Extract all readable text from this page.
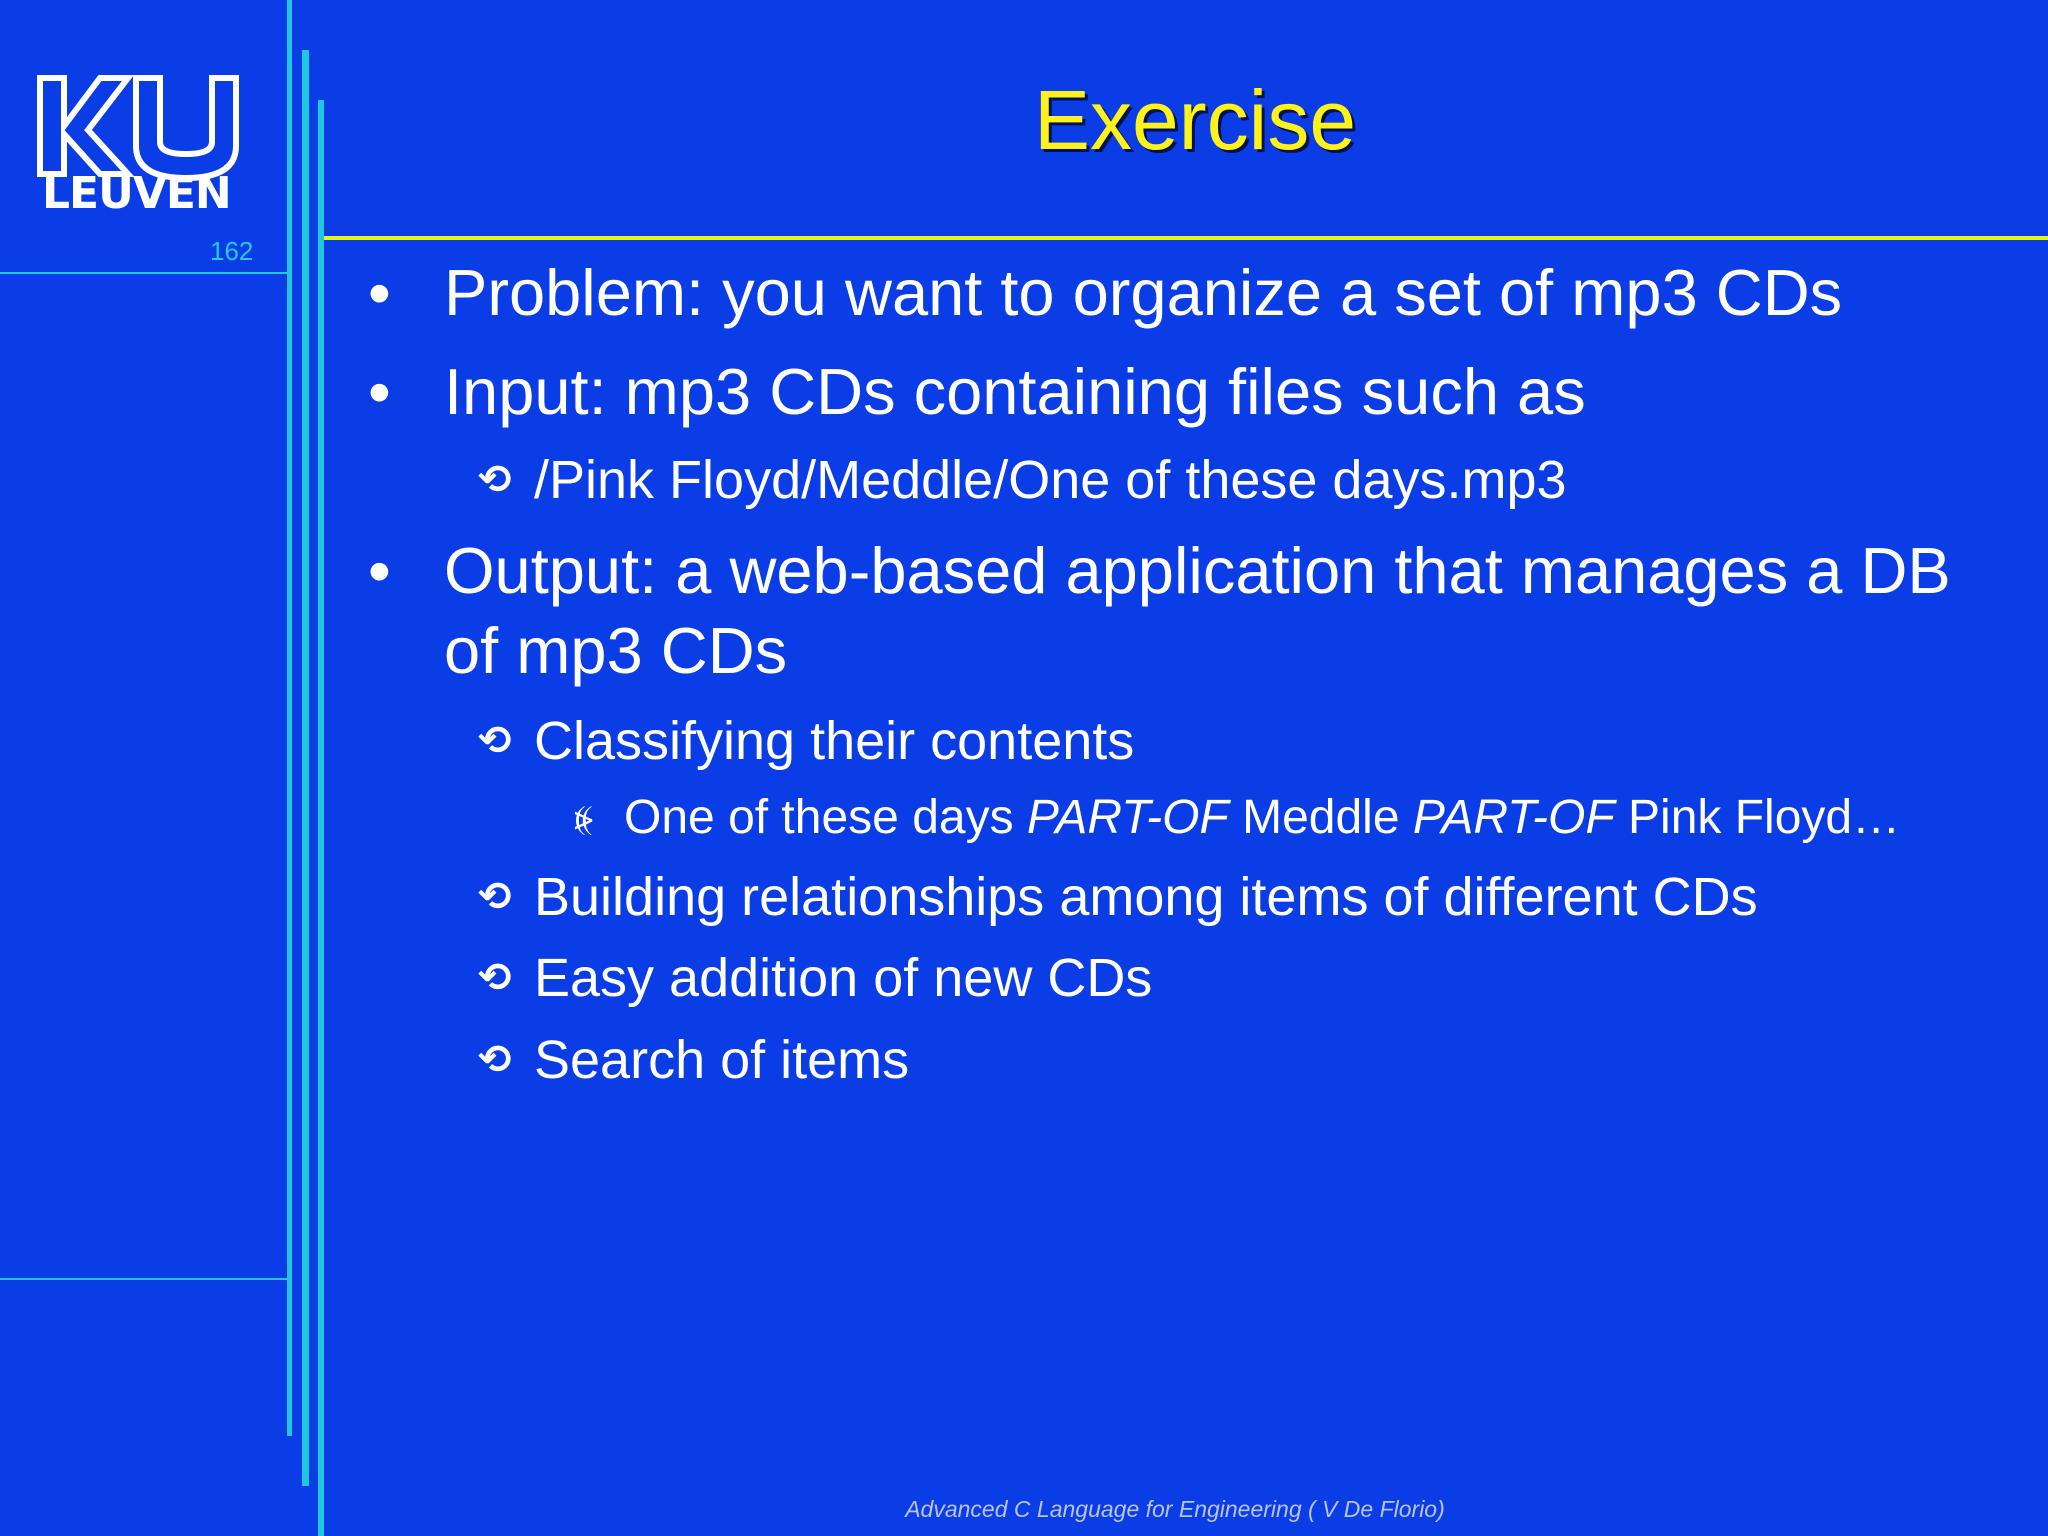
LEUVEN
162
Exercise
• Problem: you want to organize a set of mp3 CDs
• Input: mp3 CDs containing files such as
⟲ /Pink Floyd/Meddle/One of these days.mp3
• Output: a web-based application that manages a DB
of mp3 CDs
⟲ Classifying their contents
⦕ One of these days PART-OF Meddle PART-OF Pink Floyd…
⟲ Building relationships among items of different CDs
⟲ Easy addition of new CDs
⟲ Search of items
Advanced C Language for Engineering ( V De Florio)
